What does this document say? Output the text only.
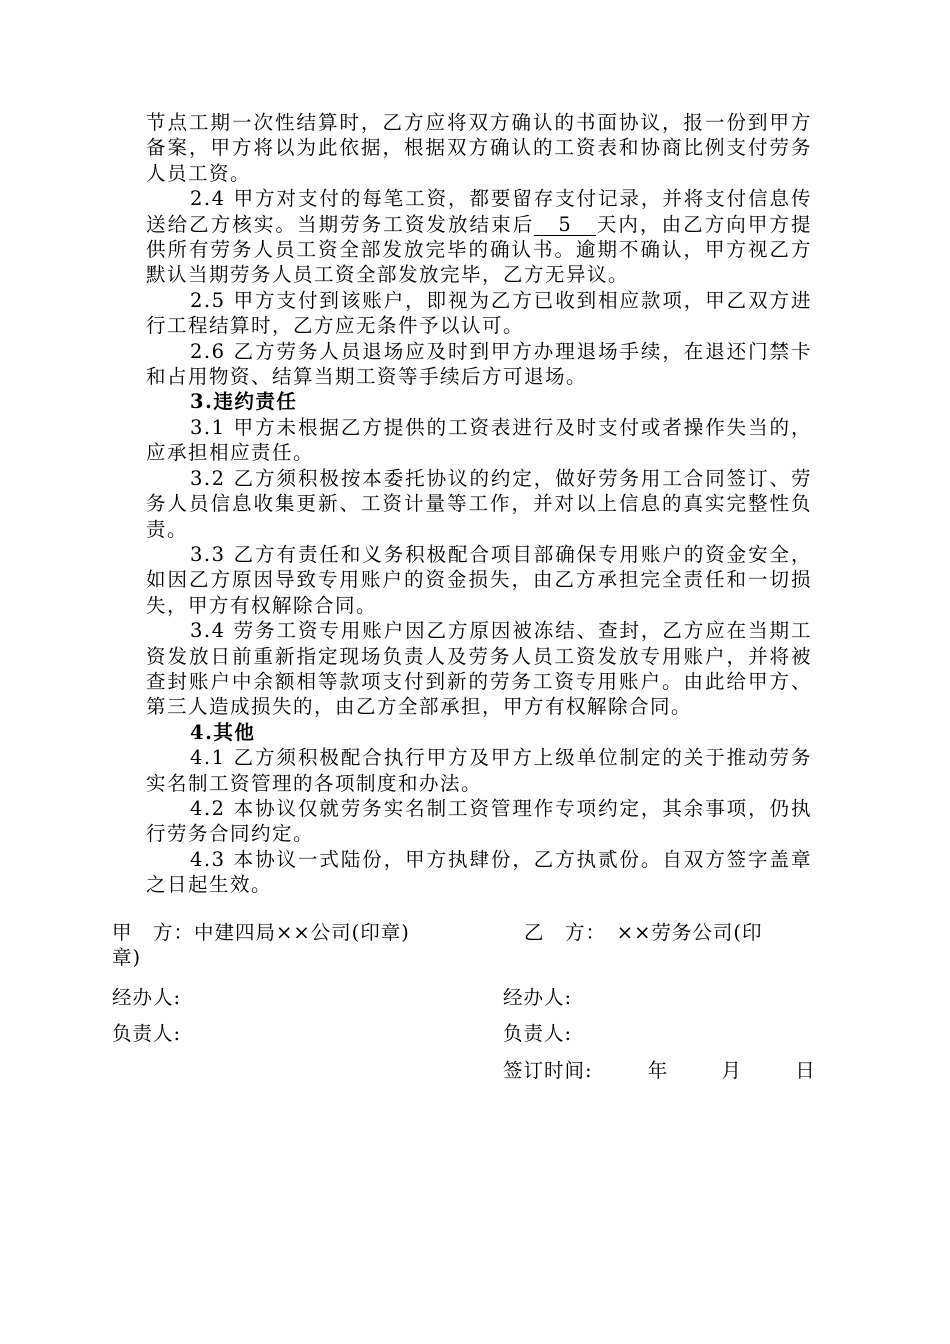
节点工期一次性结算时，乙方应将双方确认的书面协议，报一份到甲方备案，甲方将以为此依据，根据双方确认的工资表和协商比例支付劳务人员工资。

2.4 甲方对支付的每笔工资，都要留存支付记录，并将支付信息传送给乙方核实。当期劳务工资发放结束后 5 天内，由乙方向甲方提供所有劳务人员工资全部发放完毕的确认书。逾期不确认，甲方视乙方默认当期劳务人员工资全部发放完毕，乙方无异议。

2.5 甲方支付到该账户，即视为乙方已收到相应款项，甲乙双方进行工程结算时，乙方应无条件予以认可。

2.6 乙方劳务人员退场应及时到甲方办理退场手续，在退还门禁卡和占用物资、结算当期工资等手续后方可退场。

3.违约责任

3.1 甲方未根据乙方提供的工资表进行及时支付或者操作失当的，应承担相应责任。

3.2 乙方须积极按本委托协议的约定，做好劳务用工合同签订、劳务人员信息收集更新、工资计量等工作，并对以上信息的真实完整性负责。

3.3 乙方有责任和义务积极配合项目部确保专用账户的资金安全，如因乙方原因导致专用账户的资金损失，由乙方承担完全责任和一切损失，甲方有权解除合同。

3.4 劳务工资专用账户因乙方原因被冻结、查封，乙方应在当期工资发放日前重新指定现场负责人及劳务人员工资发放专用账户，并将被查封账户中余额相等款项支付到新的劳务工资专用账户。由此给甲方、第三人造成损失的，由乙方全部承担，甲方有权解除合同。

4.其他

4.1 乙方须积极配合执行甲方及甲方上级单位制定的关于推动劳务实名制工资管理的各项制度和办法。

4.2 本协议仅就劳务实名制工资管理作专项约定，其余事项，仍执行劳务合同约定。

4.3 本协议一式陆份，甲方执肆份，乙方执贰份。自双方签字盖章之日起生效。

甲　方：中建四局××公司(印章)	乙　方：　××劳务公司(印
章)
经办人:	经办人:
负责人:	负责人:
签订时间:	年	月	日
